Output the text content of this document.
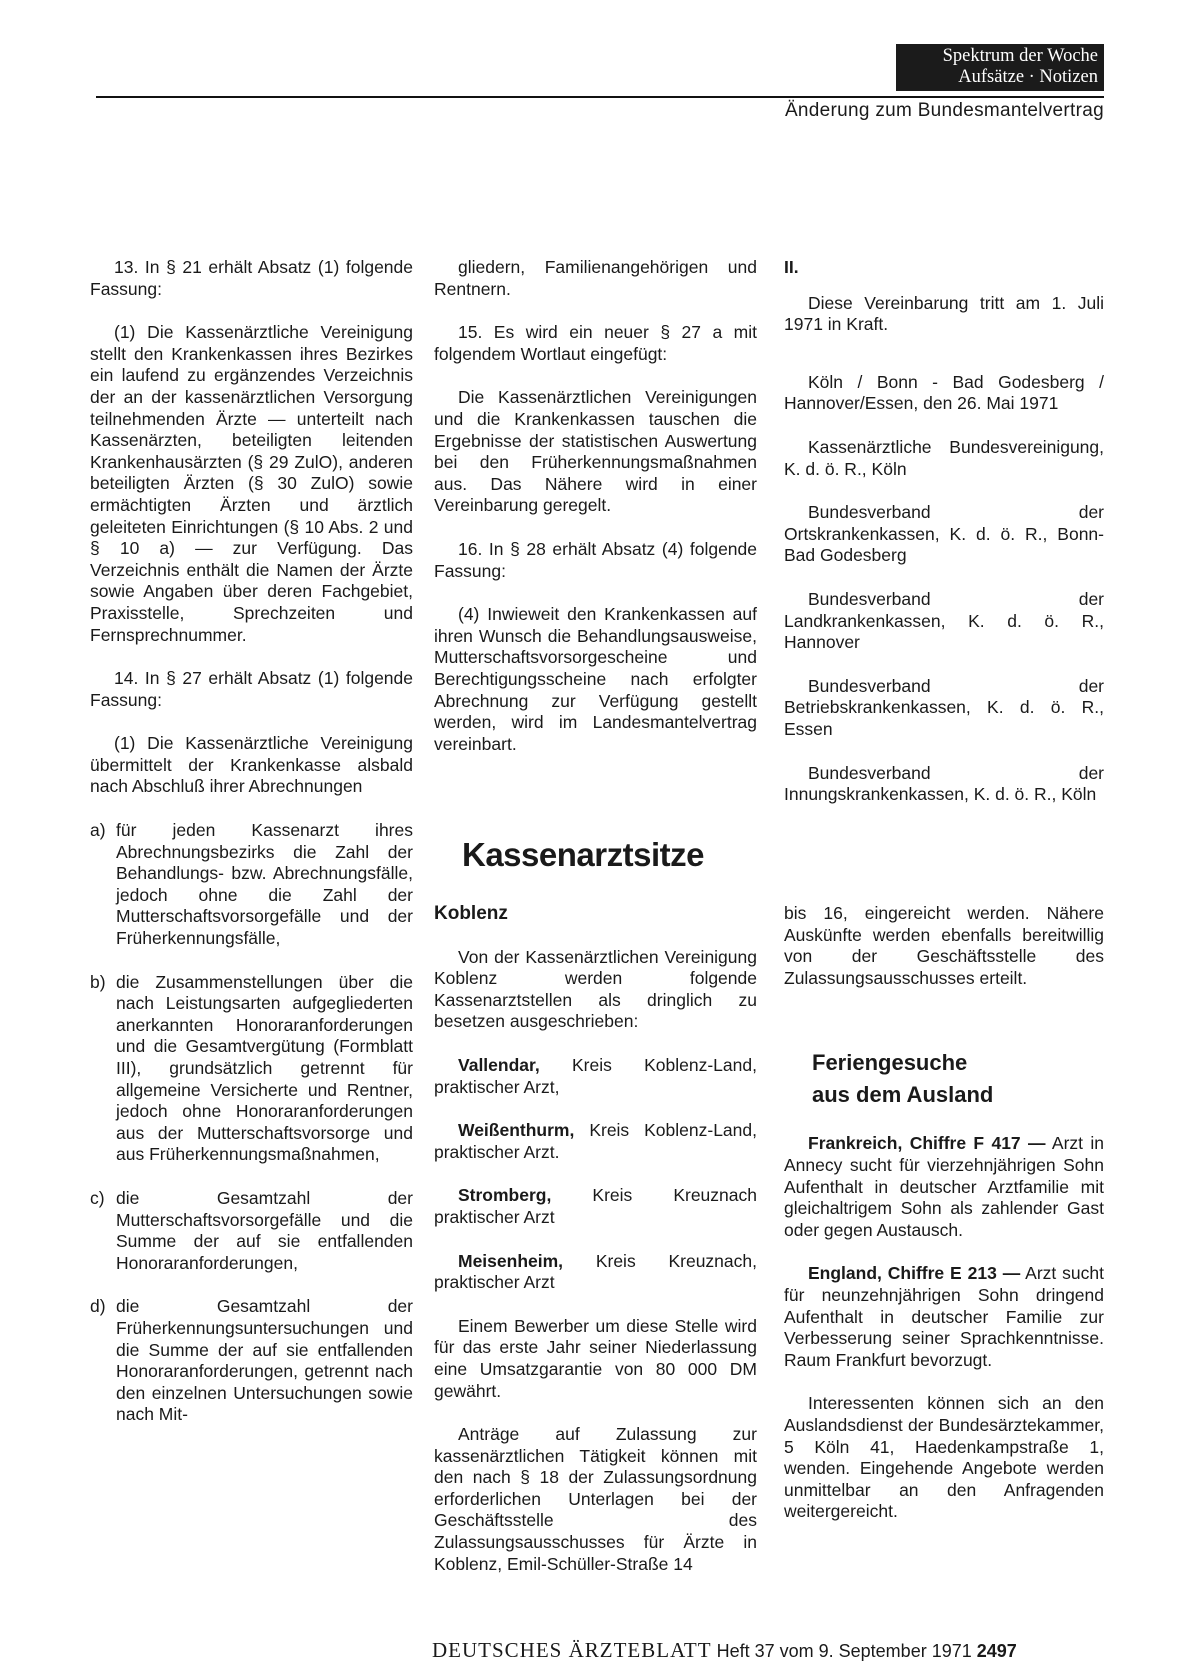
Spektrum der Woche
Aufsätze · Notizen
Änderung zum Bundesmantelvertrag

13. In § 21 erhält Absatz (1) folgende Fassung:

(1) Die Kassenärztliche Vereinigung stellt den Krankenkassen ihres Bezirkes ein laufend zu ergänzendes Verzeichnis der an der kassenärztlichen Versorgung teilnehmenden Ärzte — unterteilt nach Kassenärzten, beteiligten leitenden Krankenhausärzten (§ 29 ZulO), anderen beteiligten Ärzten (§ 30 ZulO) sowie ermächtigten Ärzten und ärztlich geleiteten Einrichtungen (§ 10 Abs. 2 und § 10 a) — zur Verfügung. Das Verzeichnis enthält die Namen der Ärzte sowie Angaben über deren Fachgebiet, Praxisstelle, Sprechzeiten und Fernsprechnummer.

14. In § 27 erhält Absatz (1) folgende Fassung:

(1) Die Kassenärztliche Vereinigung übermittelt der Krankenkasse alsbald nach Abschluß ihrer Abrechnungen

a) für jeden Kassenarzt ihres Abrechnungsbezirks die Zahl der Behandlungs- bzw. Abrechnungsfälle, jedoch ohne die Zahl der Mutterschaftsvorsorgefälle und der Früherkennungsfälle,
b) die Zusammenstellungen über die nach Leistungsarten aufgegliederten anerkannten Honoraranforderungen und die Gesamtvergütung (Formblatt III), grundsätzlich getrennt für allgemeine Versicherte und Rentner, jedoch ohne Honoraranforderungen aus der Mutterschaftsvorsorge und aus Früherkennungsmaßnahmen,
c) die Gesamtzahl der Mutterschaftsvorsorgefälle und die Summe der auf sie entfallenden Honoraranforderungen,
d) die Gesamtzahl der Früherkennungsuntersuchungen und die Summe der auf sie entfallenden Honoraranforderungen, getrennt nach den einzelnen Untersuchungen sowie nach Mit-

gliedern, Familienangehörigen und Rentnern.

15. Es wird ein neuer § 27 a mit folgendem Wortlaut eingefügt:

Die Kassenärztlichen Vereinigungen und die Krankenkassen tauschen die Ergebnisse der statistischen Auswertung bei den Früherkennungsmaßnahmen aus. Das Nähere wird in einer Vereinbarung geregelt.

16. In § 28 erhält Absatz (4) folgende Fassung:

(4) Inwieweit den Krankenkassen auf ihren Wunsch die Behandlungsausweise, Mutterschaftsvorsorgescheine und Berechtigungsscheine nach erfolgter Abrechnung zur Verfügung gestellt werden, wird im Landesmantelvertrag vereinbart.

II.

Diese Vereinbarung tritt am 1. Juli 1971 in Kraft.

Köln / Bonn - Bad Godesberg / Hannover/Essen, den 26. Mai 1971

Kassenärztliche Bundesvereinigung, K. d. ö. R., Köln

Bundesverband der Ortskrankenkassen, K. d. ö. R., Bonn-Bad Godesberg

Bundesverband der Landkrankenkassen, K. d. ö. R., Hannover

Bundesverband der Betriebskrankenkassen, K. d. ö. R., Essen

Bundesverband der Innungskrankenkassen, K. d. ö. R., Köln

Kassenarztsitze

Koblenz

Von der Kassenärztlichen Vereinigung Koblenz werden folgende Kassenarztstellen als dringlich zu besetzen ausgeschrieben:

Vallendar, Kreis Koblenz-Land, praktischer Arzt,

Weißenthurm, Kreis Koblenz-Land, praktischer Arzt.

Stromberg, Kreis Kreuznach praktischer Arzt

Meisenheim, Kreis Kreuznach, praktischer Arzt

Einem Bewerber um diese Stelle wird für das erste Jahr seiner Niederlassung eine Umsatzgarantie von 80 000 DM gewährt.

Anträge auf Zulassung zur kassenärztlichen Tätigkeit können mit den nach § 18 der Zulassungsordnung erforderlichen Unterlagen bei der Geschäftsstelle des Zulassungsausschusses für Ärzte in Koblenz, Emil-Schüller-Straße 14

bis 16, eingereicht werden. Nähere Auskünfte werden ebenfalls bereitwillig von der Geschäftsstelle des Zulassungsausschusses erteilt.

Feriengesuche
aus dem Ausland

Frankreich, Chiffre F 417 — Arzt in Annecy sucht für vierzehnjährigen Sohn Aufenthalt in deutscher Arztfamilie mit gleichaltrigem Sohn als zahlender Gast oder gegen Austausch.

England, Chiffre E 213 — Arzt sucht für neunzehnjährigen Sohn dringend Aufenthalt in deutscher Familie zur Verbesserung seiner Sprachkenntnisse. Raum Frankfurt bevorzugt.

Interessenten können sich an den Auslandsdienst der Bundesärztekammer, 5 Köln 41, Haedenkampstraße 1, wenden. Eingehende Angebote werden unmittelbar an den Anfragenden weitergereicht.

DEUTSCHES ÄRZTEBLATT Heft 37 vom 9. September 1971 2497
